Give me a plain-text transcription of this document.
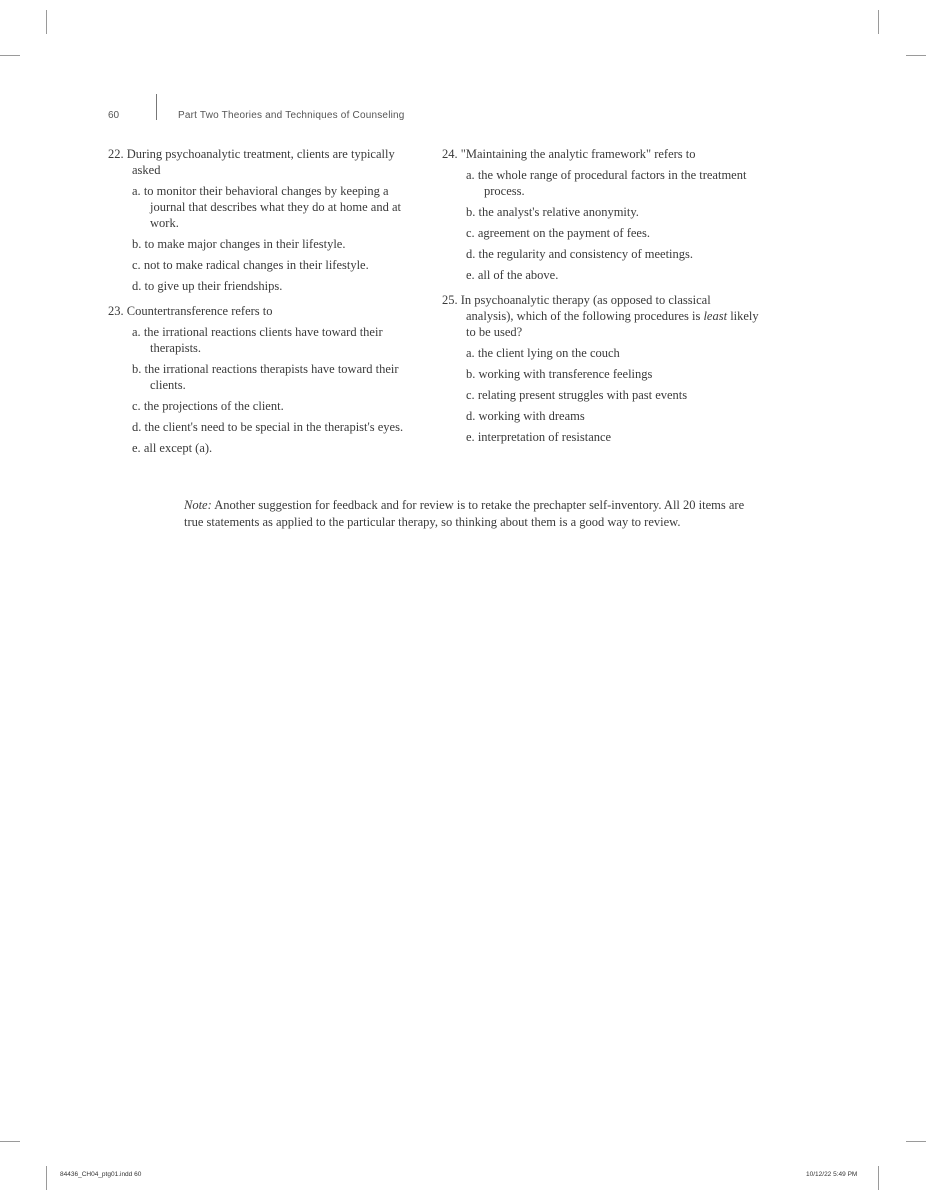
60	Part Two Theories and Techniques of Counseling
22. During psychoanalytic treatment, clients are typically asked
a. to monitor their behavioral changes by keeping a journal that describes what they do at home and at work.
b. to make major changes in their lifestyle.
c. not to make radical changes in their lifestyle.
d. to give up their friendships.
23. Countertransference refers to
a. the irrational reactions clients have toward their therapists.
b. the irrational reactions therapists have toward their clients.
c. the projections of the client.
d. the client's need to be special in the therapist's eyes.
e. all except (a).
24. "Maintaining the analytic framework" refers to
a. the whole range of procedural factors in the treatment process.
b. the analyst's relative anonymity.
c. agreement on the payment of fees.
d. the regularity and consistency of meetings.
e. all of the above.
25. In psychoanalytic therapy (as opposed to classical analysis), which of the following procedures is least likely to be used?
a. the client lying on the couch
b. working with transference feelings
c. relating present struggles with past events
d. working with dreams
e. interpretation of resistance
Note: Another suggestion for feedback and for review is to retake the prechapter self-inventory. All 20 items are true statements as applied to the particular therapy, so thinking about them is a good way to review.
84436_CH04_ptg01.indd 60	10/12/22 5:49 PM
